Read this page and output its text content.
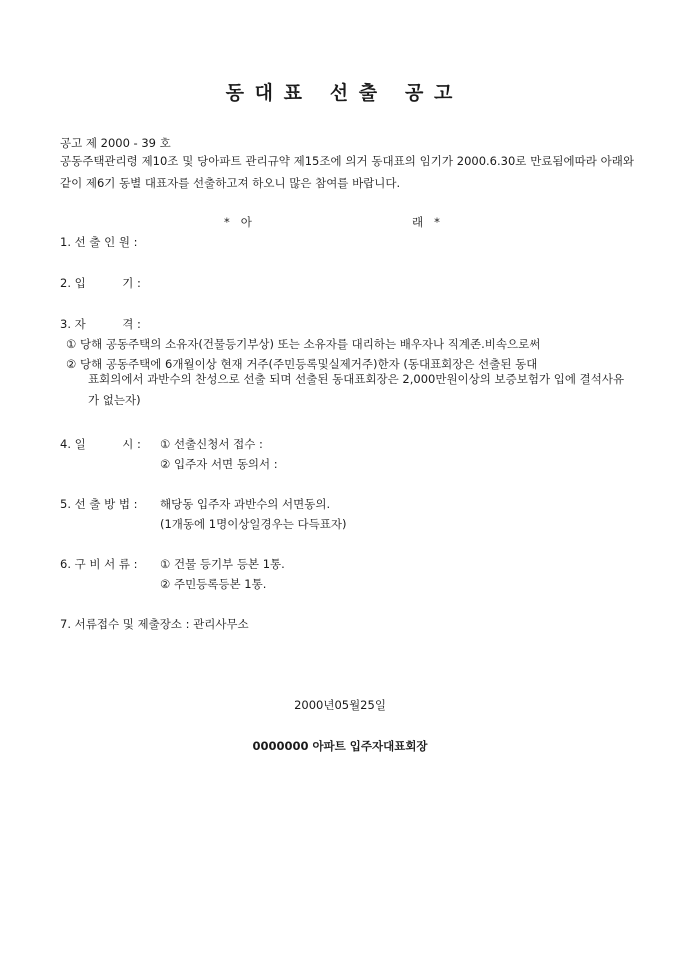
동 대 표   선 출   공 고
공고 제 2000 - 39 호
공동주택관리령 제10조 및 당아파트 관리규약 제15조에 의거 동대표의 임기가 2000.6.30로 만료됨에따라 아래와 같이 제6기 동별 대표자를 선출하고져 하오니 많은 참여를 바랍니다.
*   아	래   *
1. 선 출 인 원 :
2. 입          기 :
3. 자          격 :
① 당해 공동주택의 소유자(건물등기부상) 또는 소유자를 대리하는 배우자나 직계존.비속으로써
② 당해 공동주택에 6개월이상 현재 거주(주민등록및실제거주)한자 (동대표회장은 선출된 동대
표회의에서 과반수의 찬성으로 선출 되며 선출된 동대표회장은 2,000만원이상의 보증보험가 입에 결석사유가 없는자)
4. 일          시 : ① 선출신청서 접수 :
② 입주자 서면 동의서 :
5. 선 출 방 법 : 해당동 입주자 과반수의 서면동의.
(1개동에 1명이상일경우는 다득표자)
6. 구 비 서 류 : ① 건물 등기부 등본 1통.
② 주민등록등본 1통.
7. 서류접수 및 제출장소 : 관리사무소
2000년05월25일
0000000 아파트 입주자대표회장
